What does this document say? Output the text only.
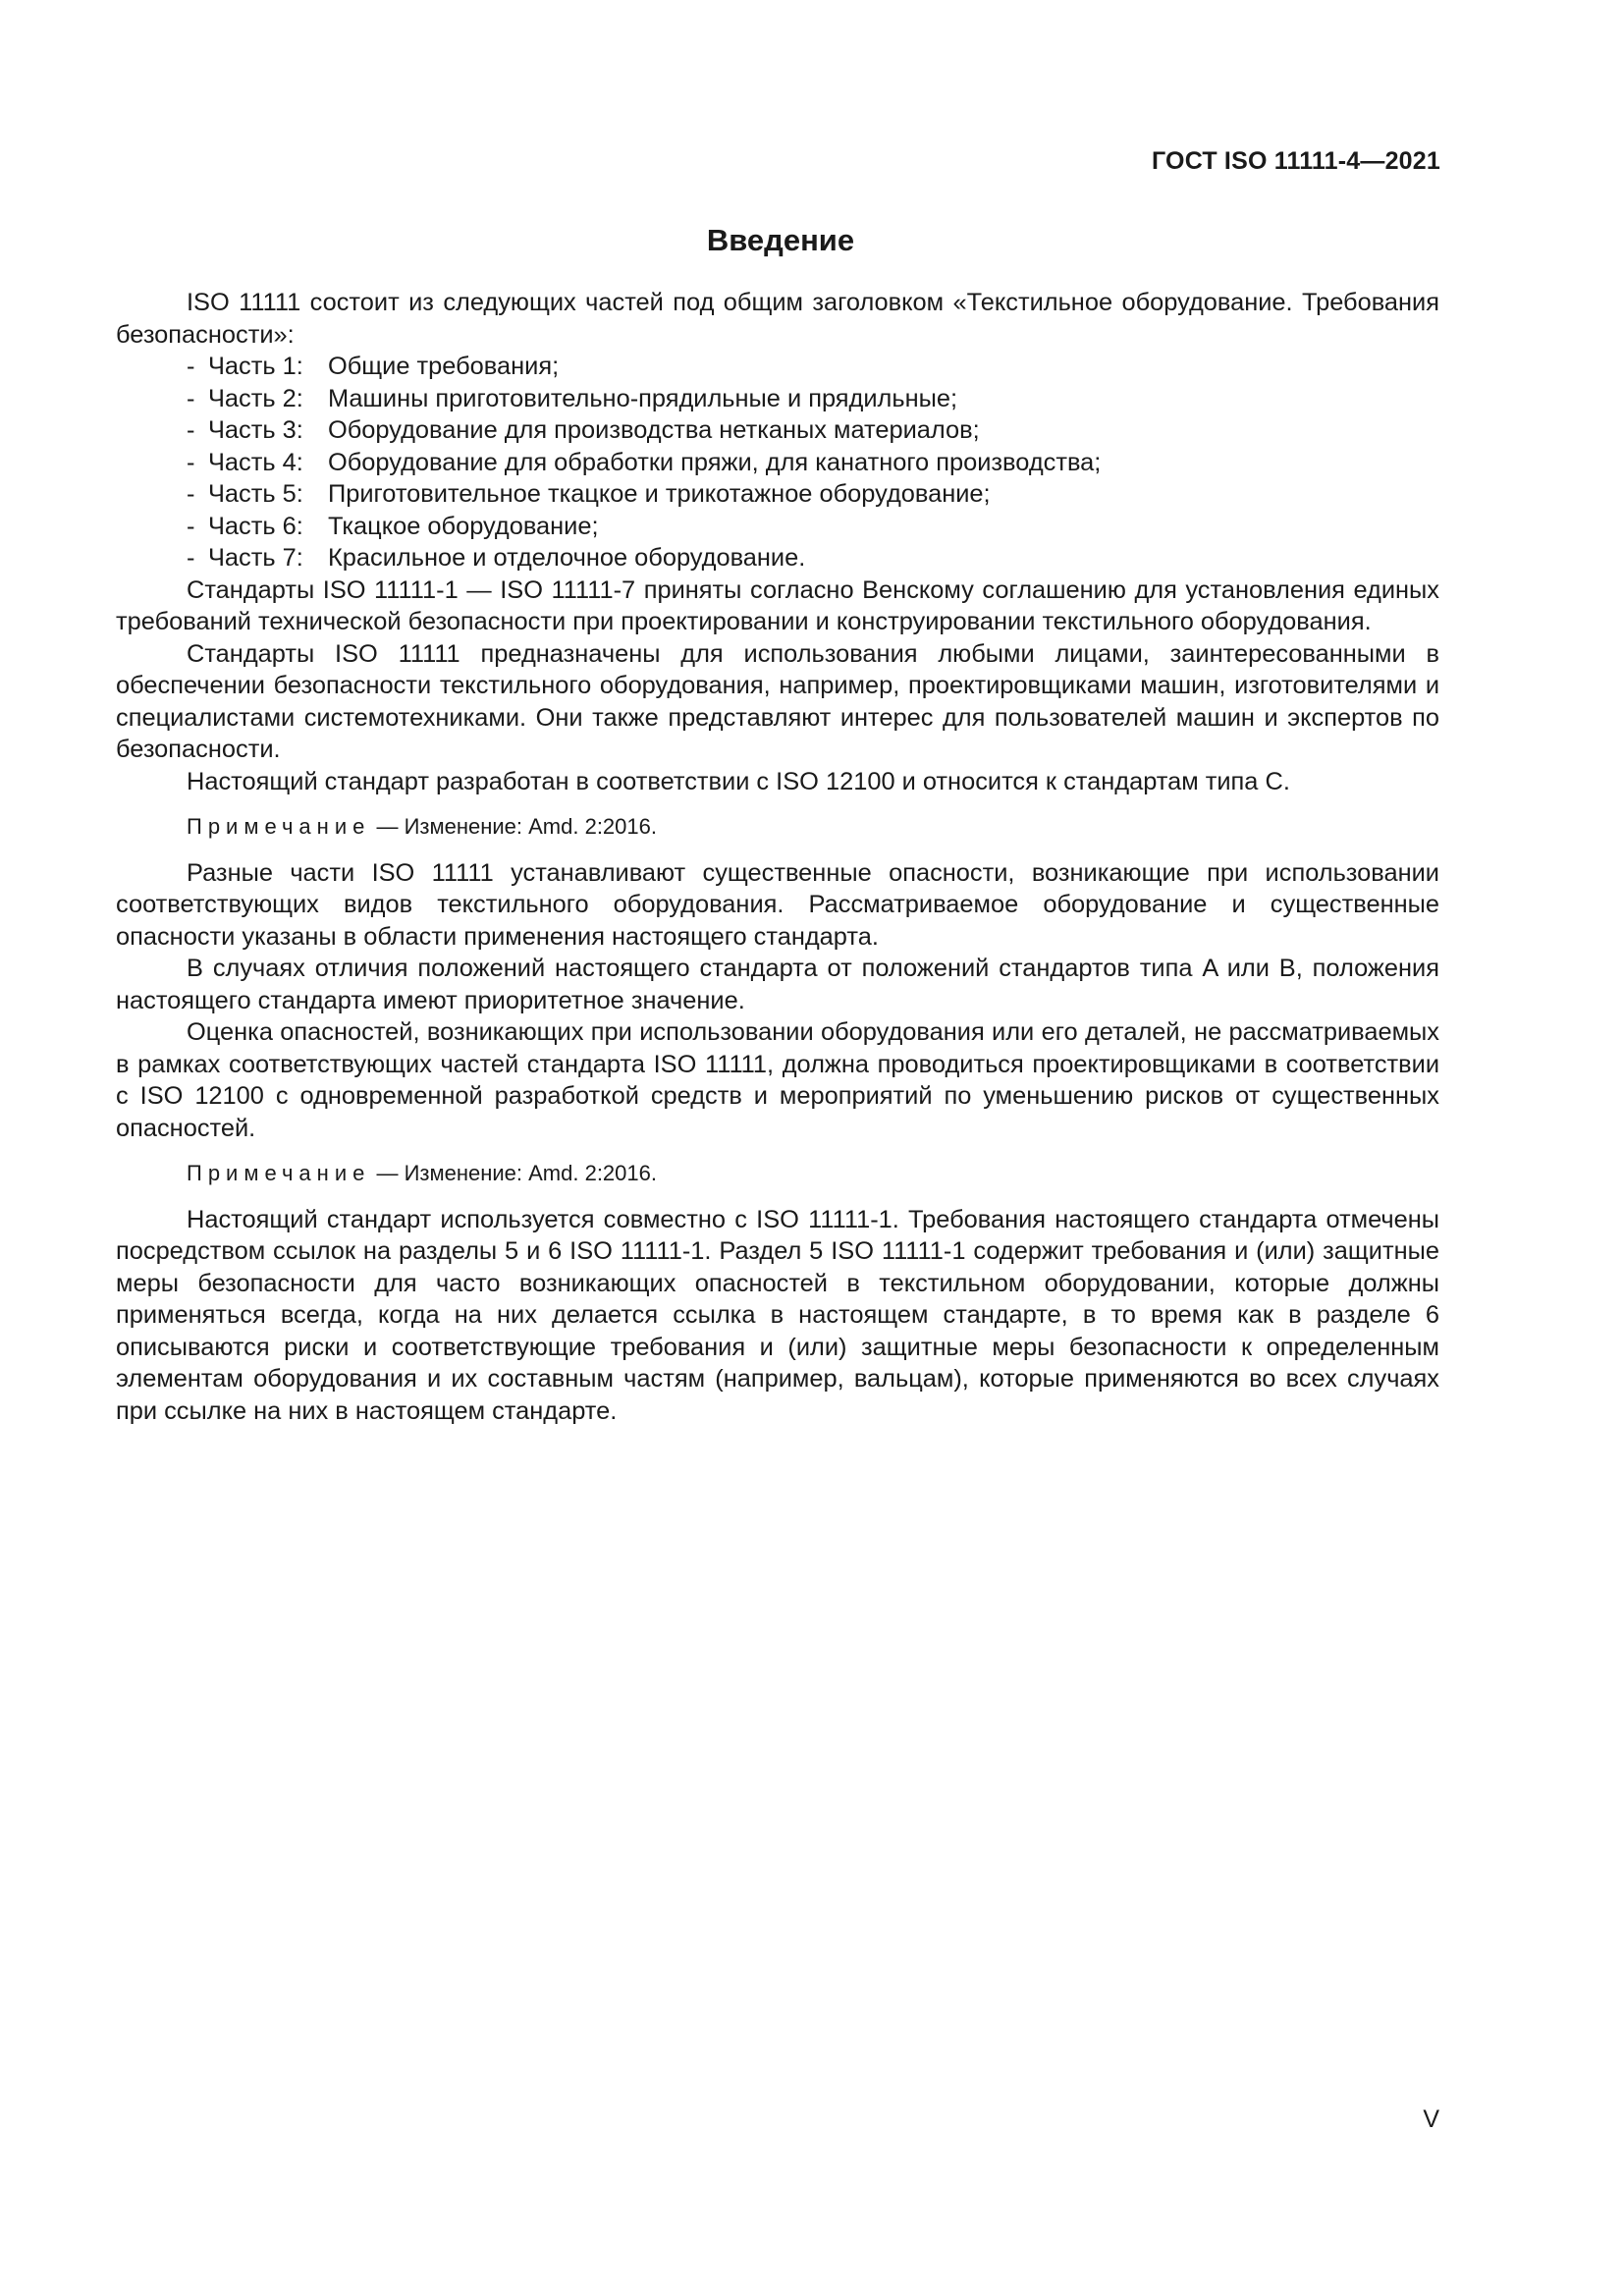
ГОСТ ISO 11111-4—2021
Введение

ISO 11111 состоит из следующих частей под общим заголовком «Текстильное оборудование. Требования безопасности»:

- Часть 1: Общие требования;
- Часть 2: Машины приготовительно-прядильные и прядильные;
- Часть 3: Оборудование для производства нетканых материалов;
- Часть 4: Оборудование для обработки пряжи, для канатного производства;
- Часть 5: Приготовительное ткацкое и трикотажное оборудование;
- Часть 6: Ткацкое оборудование;
- Часть 7: Красильное и отделочное оборудование.

Стандарты ISO 11111-1 — ISO 11111-7 приняты согласно Венскому соглашению для установления единых требований технической безопасности при проектировании и конструировании текстильного оборудования.

Стандарты ISO 11111 предназначены для использования любыми лицами, заинтересованными в обеспечении безопасности текстильного оборудования, например, проектировщиками машин, изготовителями и специалистами системотехниками. Они также представляют интерес для пользователей машин и экспертов по безопасности.

Настоящий стандарт разработан в соответствии с ISO 12100 и относится к стандартам типа C.

Примечание — Изменение: Amd. 2:2016.

Разные части ISO 11111 устанавливают существенные опасности, возникающие при использовании соответствующих видов текстильного оборудования. Рассматриваемое оборудование и существенные опасности указаны в области применения настоящего стандарта.

В случаях отличия положений настоящего стандарта от положений стандартов типа A или B, положения настоящего стандарта имеют приоритетное значение.

Оценка опасностей, возникающих при использовании оборудования или его деталей, не рассматриваемых в рамках соответствующих частей стандарта ISO 11111, должна проводиться проектировщиками в соответствии с ISO 12100 с одновременной разработкой средств и мероприятий по уменьшению рисков от существенных опасностей.

Примечание — Изменение: Amd. 2:2016.

Настоящий стандарт используется совместно с ISO 11111-1. Требования настоящего стандарта отмечены посредством ссылок на разделы 5 и 6 ISO 11111-1. Раздел 5 ISO 11111-1 содержит требования и (или) защитные меры безопасности для часто возникающих опасностей в текстильном оборудовании, которые должны применяться всегда, когда на них делается ссылка в настоящем стандарте, в то время как в разделе 6 описываются риски и соответствующие требования и (или) защитные меры безопасности к определенным элементам оборудования и их составным частям (например, вальцам), которые применяются во всех случаях при ссылке на них в настоящем стандарте.

V
